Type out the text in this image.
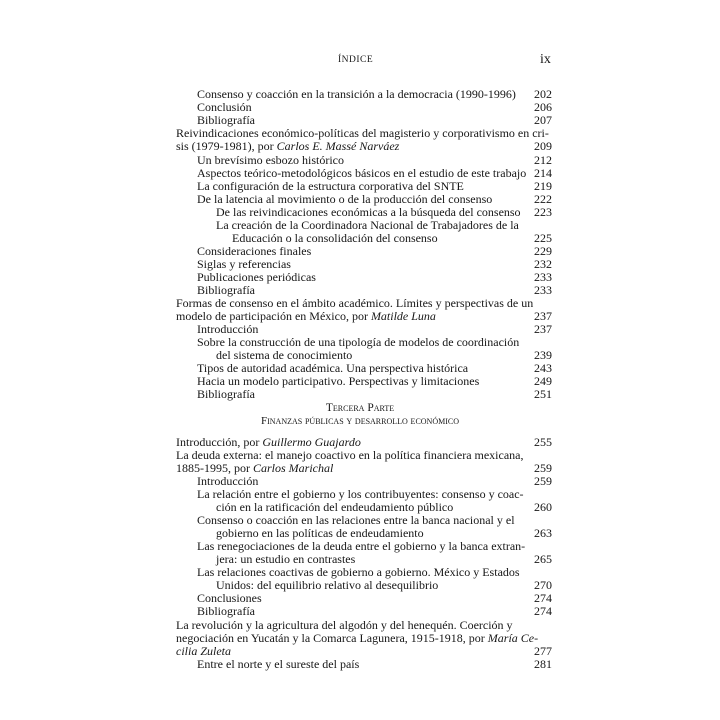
ÍNDICE	ix
Tercera Parte
Finanzas públicas y desarrollo económico
Consenso y coacción en la transición a la democracia (1990-1996)	202
Conclusión	206
Bibliografía	207
Reivindicaciones económico-políticas del magisterio y corporativismo en cri-
sis (1979-1981), por Carlos E. Massé Narváez	209
Un brevísimo esbozo histórico	212
Aspectos teórico-metodológicos básicos en el estudio de este trabajo 214
La configuración de la estructura corporativa del SNTE	219
De la latencia al movimiento o de la producción del consenso	222
De las reivindicaciones económicas a la búsqueda del consenso	223
La creación de la Coordinadora Nacional de Trabajadores de la
Educación o la consolidación del consenso	225
Consideraciones finales	229
Siglas y referencias	232
Publicaciones periódicas	233
Bibliografía	233
Formas de consenso en el ámbito académico. Límites y perspectivas de un
modelo de participación en México, por Matilde Luna	237
Introducción	237
Sobre la construcción de una tipología de modelos de coordinación
del sistema de conocimiento	239
Tipos de autoridad académica. Una perspectiva histórica	243
Hacia un modelo participativo. Perspectivas y limitaciones	249
Bibliografía	251
Introducción, por Guillermo Guajardo	255
La deuda externa: el manejo coactivo en la política financiera mexicana,
1885-1995, por Carlos Marichal	259
Introducción	259
La relación entre el gobierno y los contribuyentes: consenso y coac-
ción en la ratificación del endeudamiento público	260
Consenso o coacción en las relaciones entre la banca nacional y el
gobierno en las políticas de endeudamiento	263
Las renegociaciones de la deuda entre el gobierno y la banca extran-
jera: un estudio en contrastes	265
Las relaciones coactivas de gobierno a gobierno. México y Estados
Unidos: del equilibrio relativo al desequilibrio	270
Conclusiones	274
Bibliografía	274
La revolución y la agricultura del algodón y del henequén. Coerción y
negociación en Yucatán y la Comarca Lagunera, 1915-1918, por María Ce-
cilia Zuleta	277
Entre el norte y el sureste del país	281
